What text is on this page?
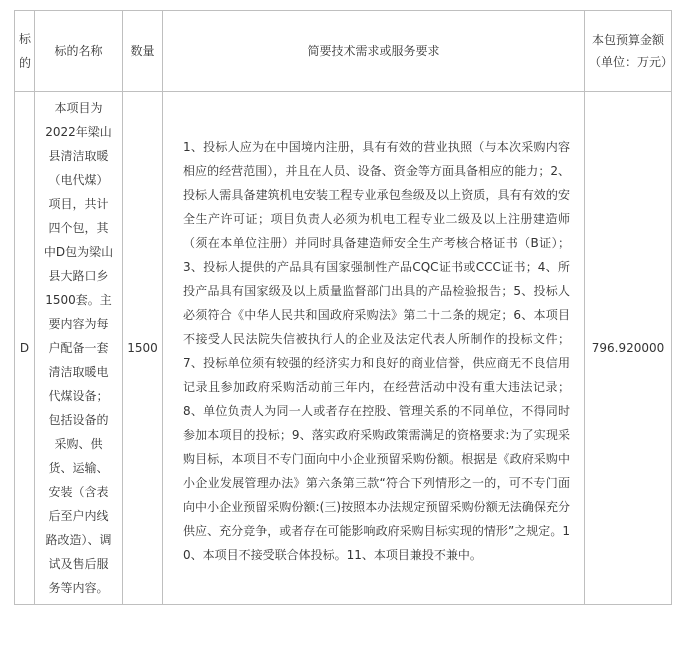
标的	标的名称	数量	简要技术需求或服务要求	本包预算金额（单位：万元）
D	本项目为2022年梁山县清洁取暖（电代煤）项目，共计四个包，其中D包为梁山县大路口乡1500套。主要内容为每户配备一套清洁取暖电代煤设备；包括设备的采购、供货、运输、安装（含表后至户内线路改造）、调试及售后服务等内容。	1500	1、投标人应为在中国境内注册，具有有效的营业执照（与本次采购内容相应的经营范围），并且在人员、设备、资金等方面具备相应的能力；2、投标人需具备建筑机电安装工程专业承包叁级及以上资质，具有有效的安全生产许可证；项目负责人必须为机电工程专业二级及以上注册建造师（须在本单位注册）并同时具备建造师安全生产考核合格证书（B证）；3、投标人提供的产品具有国家强制性产品CQC证书或CCC证书；4、所投产品具有国家级及以上质量监督部门出具的产品检验报告；5、投标人必须符合《中华人民共和国政府采购法》第二十二条的规定；6、本项目不接受人民法院失信被执行人的企业及法定代表人所制作的投标文件；7、投标单位须有较强的经济实力和良好的商业信誉，供应商无不良信用记录且参加政府采购活动前三年内，在经营活动中没有重大违法记录；8、单位负责人为同一人或者存在控股、管理关系的不同单位，不得同时参加本项目的投标；9、落实政府采购政策需满足的资格要求:为了实现采购目标，本项目不专门面向中小企业预留采购份额。根据是《政府采购中小企业发展管理办法》第六条第三款“符合下列情形之一的，可不专门面向中小企业预留采购份额:(三)按照本办法规定预留采购份额无法确保充分供应、充分竞争，或者存在可能影响政府采购目标实现的情形”之规定。10、本项目不接受联合体投标。11、本项目兼投不兼中。	796.920000
